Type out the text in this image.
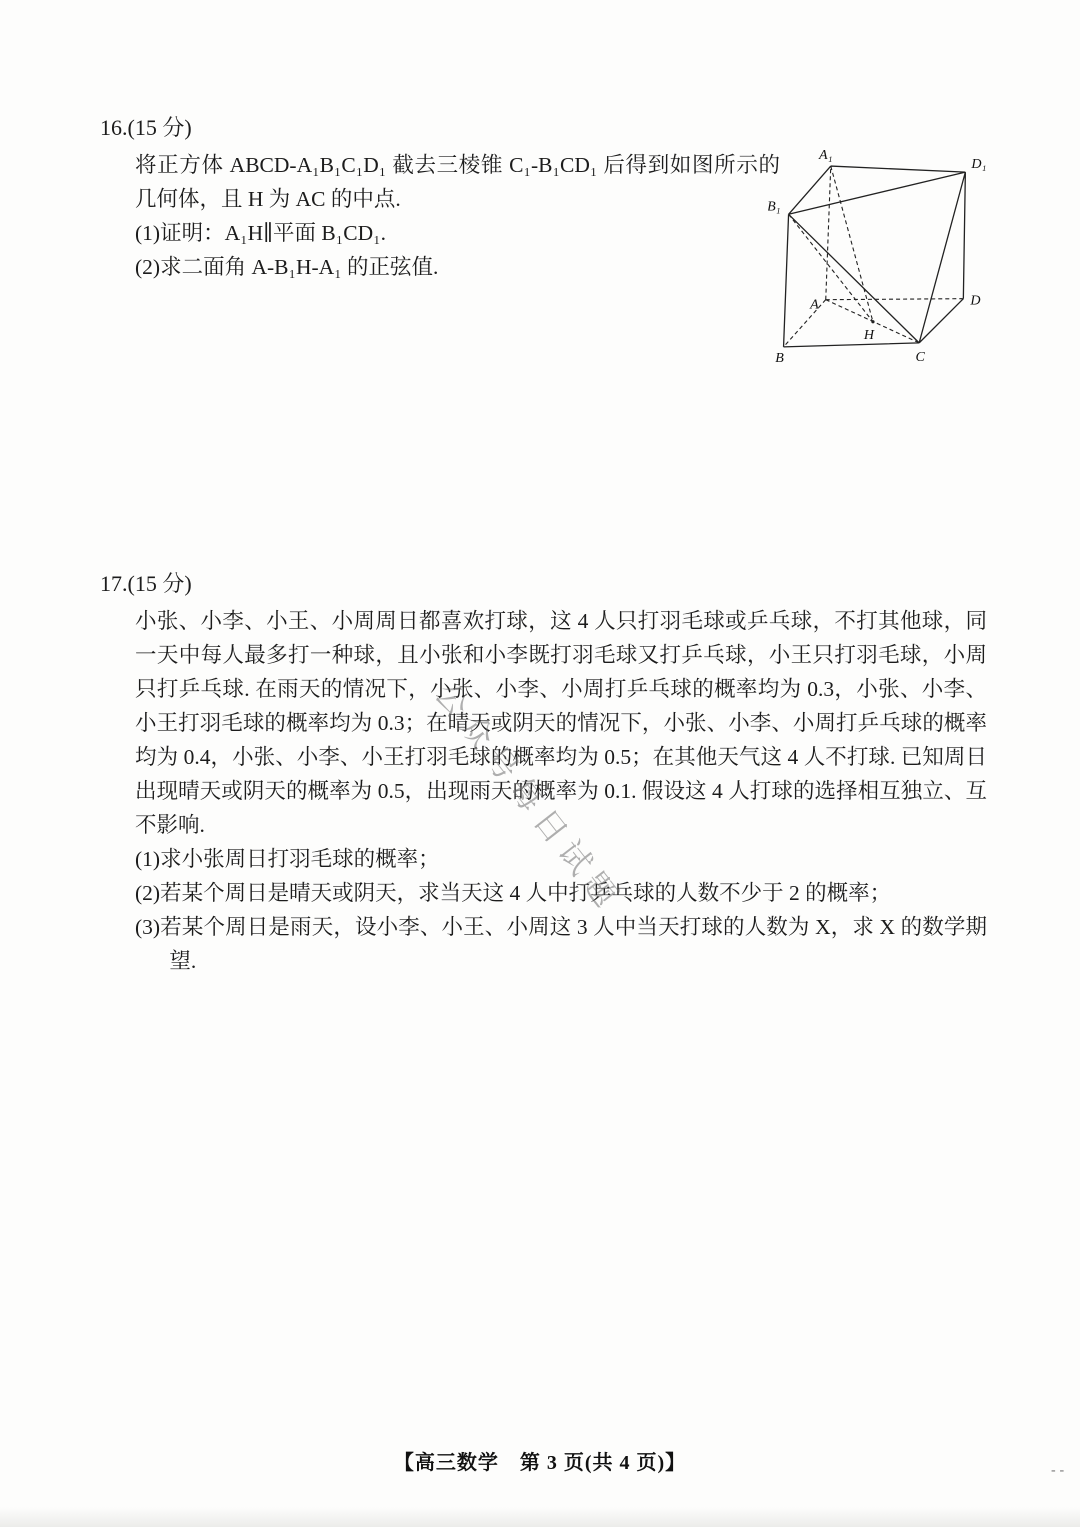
16.(15 分)

将正方体 ABCD-A₁B₁C₁D₁ 截去三棱锥 C₁-B₁CD₁ 后得到如图所示的几何体，且 H 为 AC 的中点.

(1)证明：A₁H∥平面 B₁CD₁.

(2)求二面角 A-B₁H-A₁ 的正弦值.

A₁
D₁
B₁
A	D
B	C
H
17.(15 分)

小张、小李、小王、小周周日都喜欢打球，这 4 人只打羽毛球或乒乓球，不打其他球，同一天中每人最多打一种球，且小张和小李既打羽毛球又打乒乓球，小王只打羽毛球，小周只打乒乓球. 在雨天的情况下，小张、小李、小周打乒乓球的概率均为 0.3，小张、小李、小王打羽毛球的概率均为 0.3；在晴天或阴天的情况下，小张、小李、小周打乒乓球的概率均为 0.4，小张、小李、小王打羽毛球的概率均为 0.5；在其他天气这 4 人不打球. 已知周日出现晴天或阴天的概率为 0.5，出现雨天的概率为 0.1. 假设这 4 人打球的选择相互独立、互不影响.

(1)求小张周日打羽毛球的概率；

(2)若某个周日是晴天或阴天，求当天这 4 人中打乒乓球的人数不少于 2 的概率；

(3)若某个周日是雨天，设小李、小王、小周这 3 人中当天打球的人数为 X，求 X 的数学期望.

公众号每日试题
【高三数学　第 3 页(共 4 页)】	--
